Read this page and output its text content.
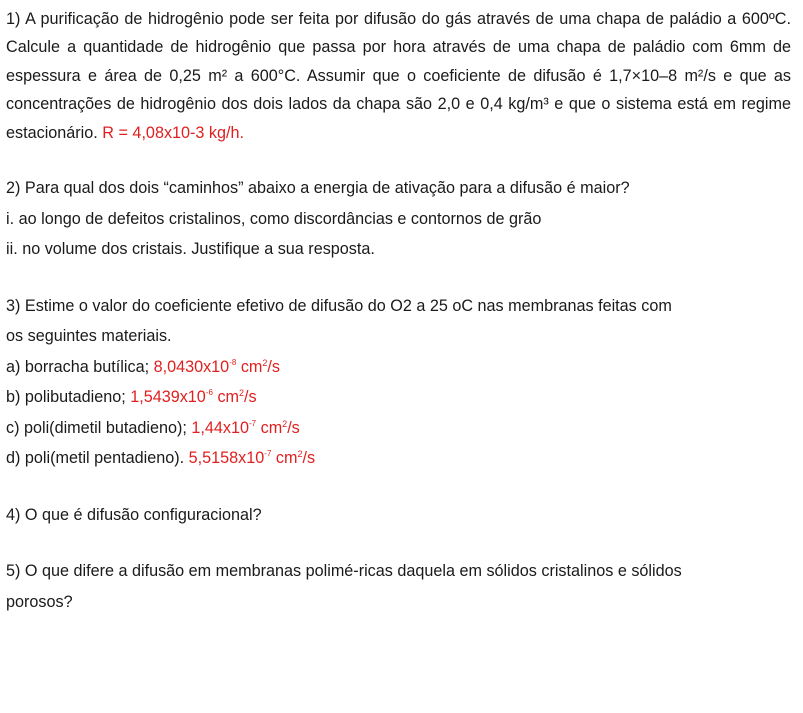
1) A purificação de hidrogênio pode ser feita por difusão do gás através de uma chapa de paládio a 600ºC. Calcule a quantidade de hidrogênio que passa por hora através de uma chapa de paládio com 6mm de espessura e área de 0,25 m² a 600°C. Assumir que o coeficiente de difusão é 1,7×10–8 m²/s e que as concentrações de hidrogênio dos dois lados da chapa são 2,0 e 0,4 kg/m³ e que o sistema está em regime estacionário. R = 4,08x10-3 kg/h.

2) Para qual dos dois “caminhos” abaixo a energia de ativação para a difusão é maior?
i. ao longo de defeitos cristalinos, como discordâncias e contornos de grão
ii. no volume dos cristais. Justifique a sua resposta.
3) Estime o valor do coeficiente efetivo de difusão do O2 a 25 oC nas membranas feitas com
os seguintes materiais.
a) borracha butílica; $8,0430x10^{-8}$ $cm^2/s$
b) polibutadieno; $1,5439x10^{-6}$ $cm^2/s$
c) poli(dimetil butadieno); $1,44x10^{-7}$ $cm^2/s$
d) poli(metil pentadieno). $5,5158x10^{-7}$ $cm^2/s$
4) O que é difusão configuracional?
5) O que difere a difusão em membranas polimé-ricas daquela em sólidos cristalinos e sólidos
porosos?
